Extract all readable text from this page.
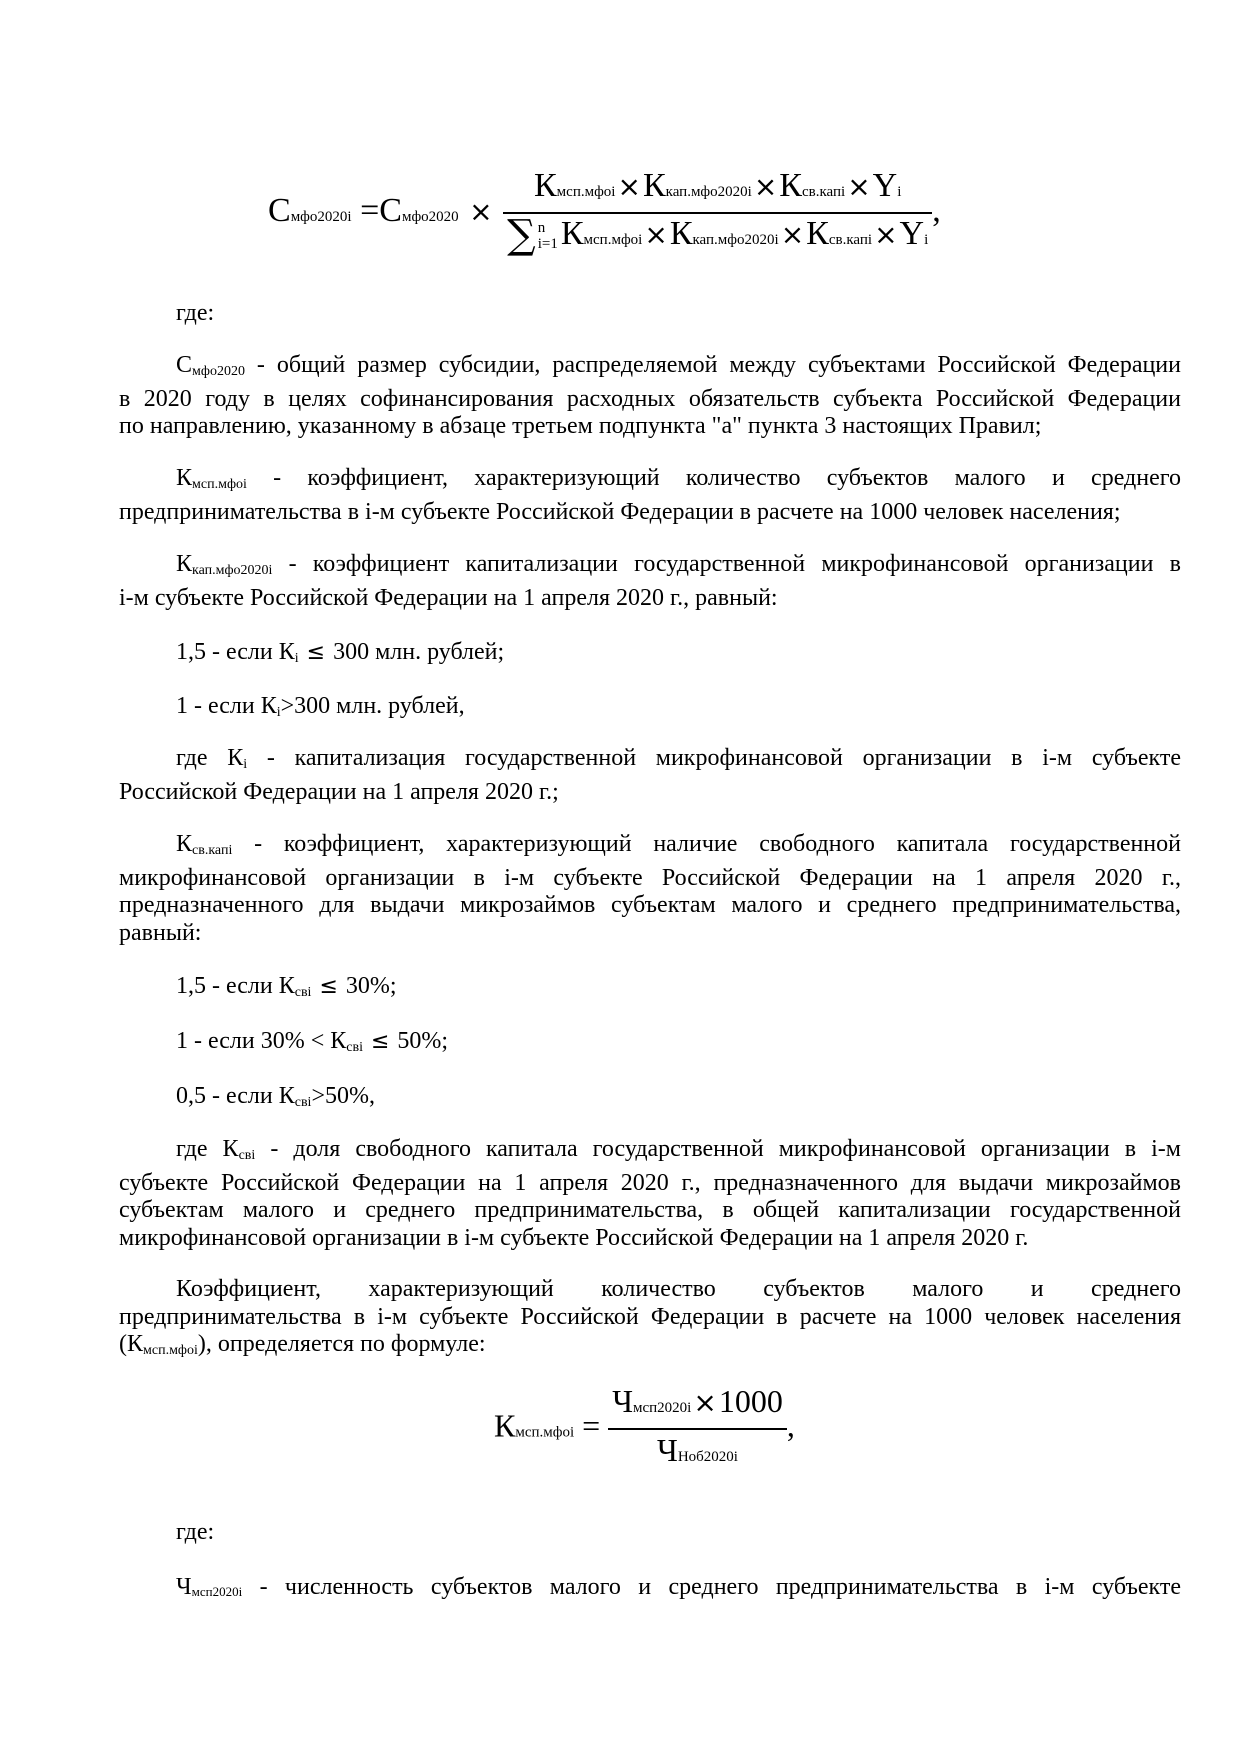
Смфо2020i =Смфо2020 × Кмсп.мфоi×Ккап.мфо2020i×Ксв.капi×Yi
∑ n
i=1 Кмсп.мфоi×Ккап.мфо2020i×Ксв.капi×Yi ,
где:
$С_{мфо2020}$ - общий размер субсидии, распределяемой между субъектами Российской Федерации
в 2020 году в целях софинансирования расходных обязательств субъекта Российской Федерации
по направлению, указанному в абзаце третьем подпункта "а" пункта 3 настоящих Правил;
$К_{мсп.мфоi}$ - коэффициент, характеризующий количество субъектов малого и среднего
предпринимательства в i-м субъекте Российской Федерации в расчете на 1000 человек населения;
$К_{кап.мфо2020i}$ - коэффициент капитализации государственной микрофинансовой организации в
i-м субъекте Российской Федерации на 1 апреля 2020 г., равный:
1,5 - если $К_i \le 300$ млн. рублей;
1 - если $К_i>300$ млн. рублей,
где $К_i$ - капитализация государственной микрофинансовой организации в i-м субъекте
Российской Федерации на 1 апреля 2020 г.;
$К_{св.капi}$ - коэффициент, характеризующий наличие свободного капитала государственной
микрофинансовой организации в i-м субъекте Российской Федерации на 1 апреля 2020 г.,
предназначенного для выдачи микрозаймов субъектам малого и среднего предпринимательства,
равный:
1,5 - если $К_{свi} \le 30\%$;
1 - если $30\% < К_{свi} \le 50\%$;
0,5 - если $К_{свi}>50\%$,
где $К_{свi}$ - доля свободного капитала государственной микрофинансовой организации в i-м
субъекте Российской Федерации на 1 апреля 2020 г., предназначенного для выдачи микрозаймов
субъектам малого и среднего предпринимательства, в общей капитализации государственной
микрофинансовой организации в i-м субъекте Российской Федерации на 1 апреля 2020 г.
Коэффициент, характеризующий количество субъектов малого и среднего
предпринимательства в i-м субъекте Российской Федерации в расчете на 1000 человек населения
$(К_{мсп.мфоi})$, определяется по формуле:
Кмсп.мфоi = $\frac{\text{Чмсп2020i×1000}}{\text{ЧНоб2020i}}$ ,
где:
Чмсп2020i - численность субъектов малого и среднего предпринимательства в i-м субъекте
